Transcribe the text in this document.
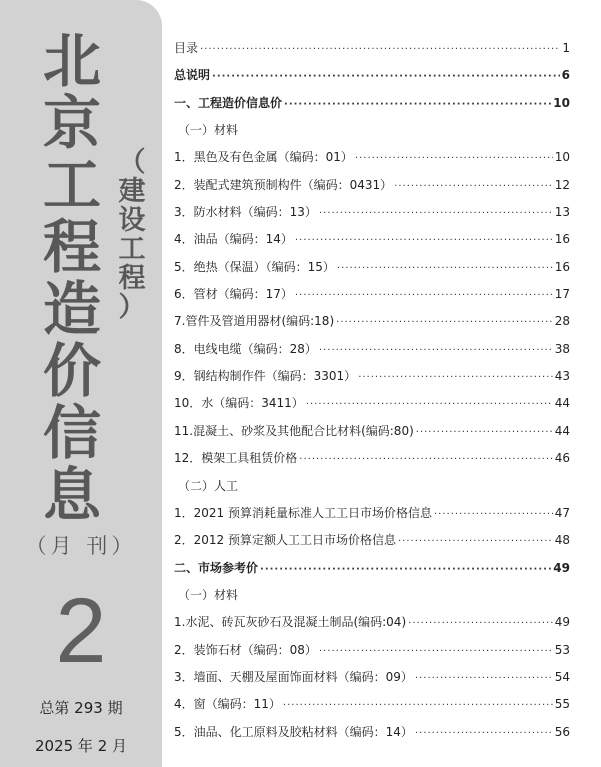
北
京
工
程
造
价
信
息
（
建
设
工
程
）
（月 刊）
2
总第 293 期
2025 年 2 月
目录 ·····	1
总说明 ·····	6
一、工程造价信息价 ·····	10
（一）材料
1．黑色及有色金属（编码：01） ·····	10
2．装配式建筑预制构件（编码：0431） ·····	12
3．防水材料（编码：13） ·····	13
4．油品（编码：14） ·····	16
5．绝热（保温）（编码：15） ·····	16
6．管材（编码：17） ·····	17
7.管件及管道用器材(编码:18) ·····	28
8．电线电缆（编码：28） ·····	38
9．钢结构制作件（编码：3301） ·····	43
10．水（编码：3411） ·····	44
11.混凝土、砂浆及其他配合比材料(编码:80) ·····	44
12．模架工具租赁价格 ·····	46
（二）人工
1．2021 预算消耗量标准人工工日市场价格信息 ·····	47
2．2012 预算定额人工工日市场价格信息 ·····	48
二、市场参考价 ·····	49
（一）材料
1.水泥、砖瓦灰砂石及混凝土制品(编码:04) ·····	49
2．装饰石材（编码：08） ·····	53
3．墙面、天棚及屋面饰面材料（编码：09） ·····	54
4．窗（编码：11） ·····	55
5．油品、化工原料及胶粘材料（编码：14） ·····	56
